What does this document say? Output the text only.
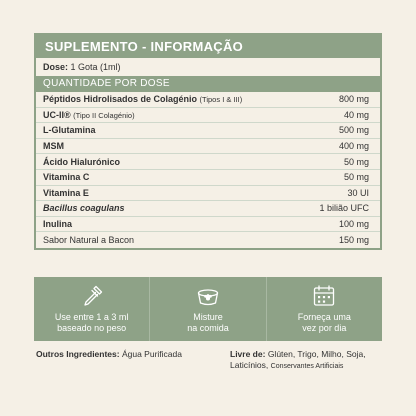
SUPLEMENTO - INFORMAÇÃO
Dose: 1 Gota (1ml)
QUANTIDADE POR DOSE
Péptidos Hidrolisados de Colagénio (Tipos I & III)	800 mg
UC-II® (Tipo II Colagénio)	40 mg
L-Glutamina	500 mg
MSM	400 mg
Ácido Hialurónico	50 mg
Vitamina C	50 mg
Vitamina E	30 UI
Bacillus coagulans	1 bilião UFC
Inulina	100 mg
Sabor Natural a Bacon	150 mg
Use entre 1 a 3 ml
baseado no peso
Misture
na comida
Forneça uma
vez por dia
Outros Ingredientes: Água Purificada	Livre de: Glúten, Trigo, Milho, Soja,
Laticínios, Conservantes Artificiais
